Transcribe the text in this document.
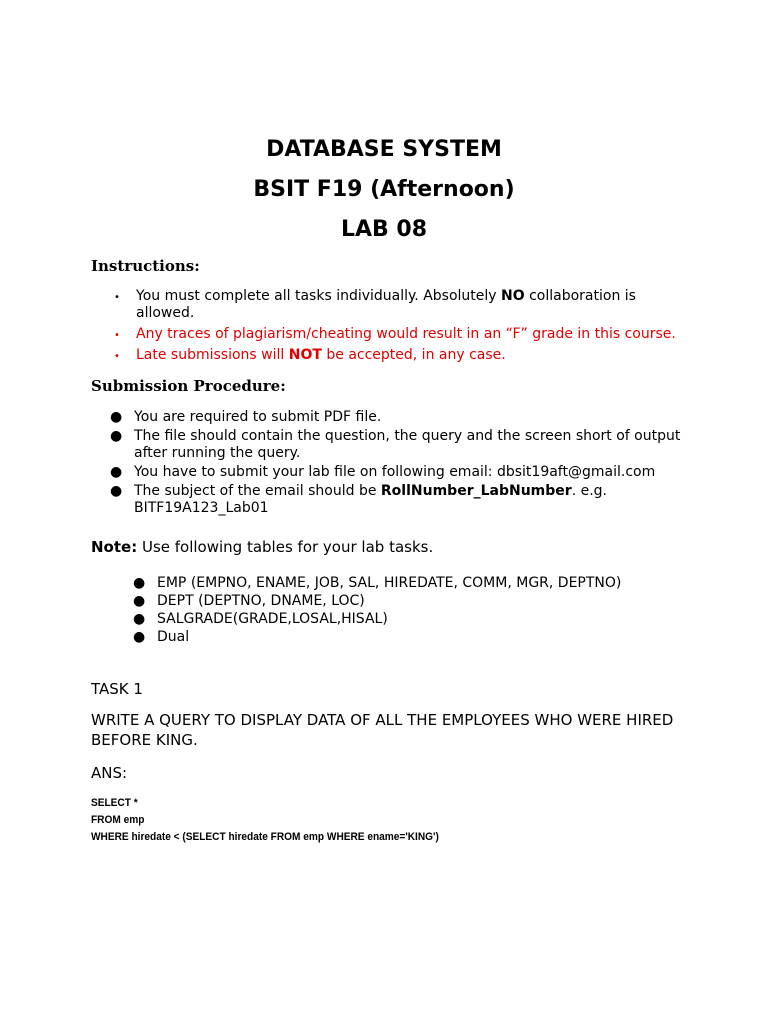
DATABASE SYSTEM
BSIT F19 (Afternoon)
LAB 08
Instructions:
• You must complete all tasks individually. Absolutely NO collaboration is allowed.
• Any traces of plagiarism/cheating would result in an “F” grade in this course.
• Late submissions will NOT be accepted, in any case.
Submission Procedure:
● You are required to submit PDF file.
● The file should contain the question, the query and the screen short of output after running the query.
● You have to submit your lab file on following email: dbsit19aft@gmail.com
● The subject of the email should be RollNumber_LabNumber. e.g. BITF19A123_Lab01

Note: Use following tables for your lab tasks.

● EMP (EMPNO, ENAME, JOB, SAL, HIREDATE, COMM, MGR, DEPTNO)
● DEPT (DEPTNO, DNAME, LOC)
● SALGRADE(GRADE,LOSAL,HISAL)
● Dual

TASK 1

WRITE A QUERY TO DISPLAY DATA OF ALL THE EMPLOYEES WHO WERE HIRED BEFORE KING.

ANS:

SELECT *
FROM emp
WHERE hiredate < (SELECT hiredate FROM emp WHERE ename='KING')
